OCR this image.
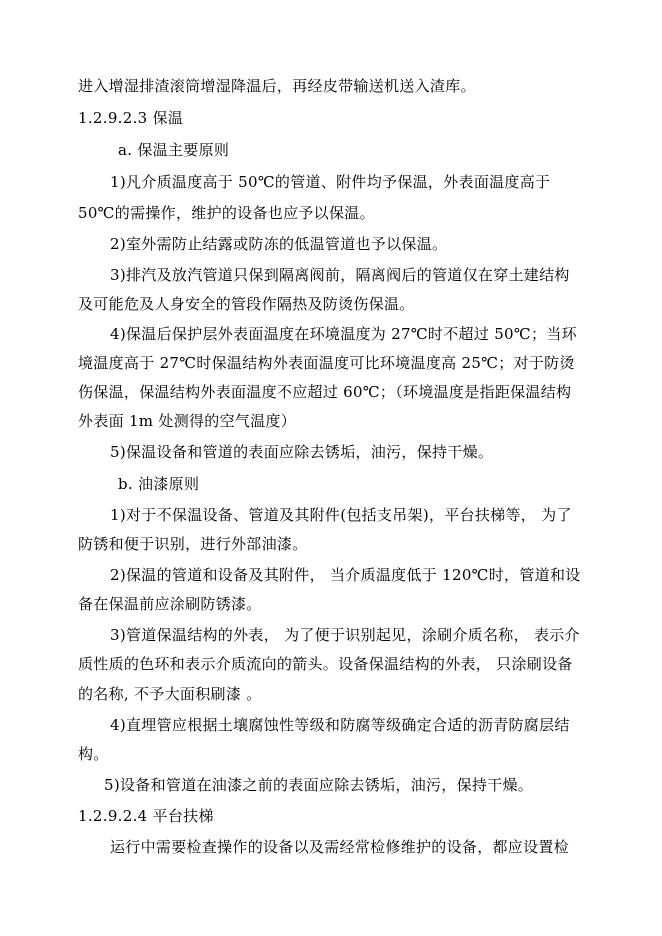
进入增湿排渣滚筒增湿降温后，再经皮带输送机送入渣库。
1.2.9.2.3 保温
a. 保温主要原则
1)凡介质温度高于 50℃的管道、附件均予保温，外表面温度高于
50℃的需操作，维护的设备也应予以保温。
2)室外需防止结露或防冻的低温管道也予以保温。
3)排汽及放汽管道只保到隔离阀前，隔离阀后的管道仅在穿土建结构
及可能危及人身安全的管段作隔热及防烫伤保温。
4)保温后保护层外表面温度在环境温度为 27℃时不超过 50℃；当环
境温度高于 27℃时保温结构外表面温度可比环境温度高 25℃；对于防烫
伤保温，保温结构外表面温度不应超过 60℃；（环境温度是指距保温结构
外表面 1m 处测得的空气温度）
5)保温设备和管道的表面应除去锈垢，油污，保持干燥。
b. 油漆原则
1)对于不保温设备、管道及其附件(包括支吊架)，平台扶梯等， 为了
防锈和便于识别，进行外部油漆。
2)保温的管道和设备及其附件， 当介质温度低于 120℃时，管道和设
备在保温前应涂刷防锈漆。
3)管道保温结构的外表， 为了便于识别起见，涂刷介质名称， 表示介
质性质的色环和表示介质流向的箭头。设备保温结构的外表， 只涂刷设备
的名称, 不予大面积刷漆 。
4)直埋管应根据土壤腐蚀性等级和防腐等级确定合适的沥青防腐层结
构。
5)设备和管道在油漆之前的表面应除去锈垢，油污，保持干燥。
1.2.9.2.4 平台扶梯
运行中需要检查操作的设备以及需经常检修维护的设备，都应设置检
